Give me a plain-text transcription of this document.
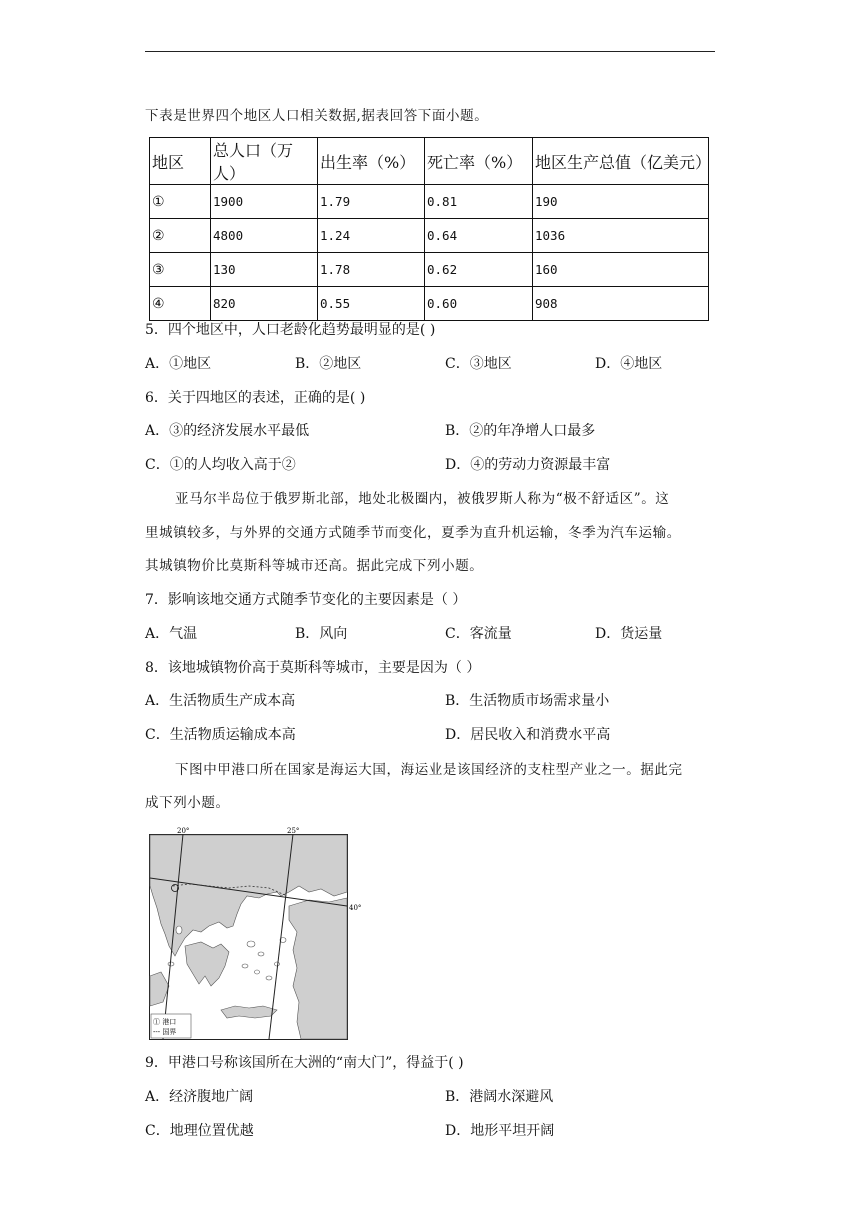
下表是世界四个地区人口相关数据,据表回答下面小题。
地区	总人口（万人）	出生率（%）	死亡率（%）	地区生产总值（亿美元）
①	1900	1.79	0.81	190
②	4800	1.24	0.64	1036
③	130	1.78	0.62	160
④	820	0.55	0.60	908
5．四个地区中，人口老龄化趋势最明显的是( )
A．①地区	B．②地区	C．③地区	D．④地区
6．关于四地区的表述，正确的是( )
A．③的经济发展水平最低	B．②的年净增人口最多
C．①的人均收入高于②	D．④的劳动力资源最丰富
亚马尔半岛位于俄罗斯北部，地处北极圈内，被俄罗斯人称为“极不舒适区”。这
里城镇较多，与外界的交通方式随季节而变化，夏季为直升机运输，冬季为汽车运输。
其城镇物价比莫斯科等城市还高。据此完成下列小题。
7．影响该地交通方式随季节变化的主要因素是（ ）
A．气温	B．风向	C．客流量	D．货运量
8．该地城镇物价高于莫斯科等城市，主要是因为（ ）
A．生活物质生产成本高	B．生活物质市场需求量小
C．生活物质运输成本高	D．居民收入和消费水平高
下图中甲港口所在国家是海运大国，海运业是该国经济的支柱型产业之一。据此完
成下列小题。
20°	25°
40°
① 港口
--- 国界
9．甲港口号称该国所在大洲的“南大门”，得益于( )
A．经济腹地广阔	B．港阔水深避风
C．地理位置优越	D．地形平坦开阔
